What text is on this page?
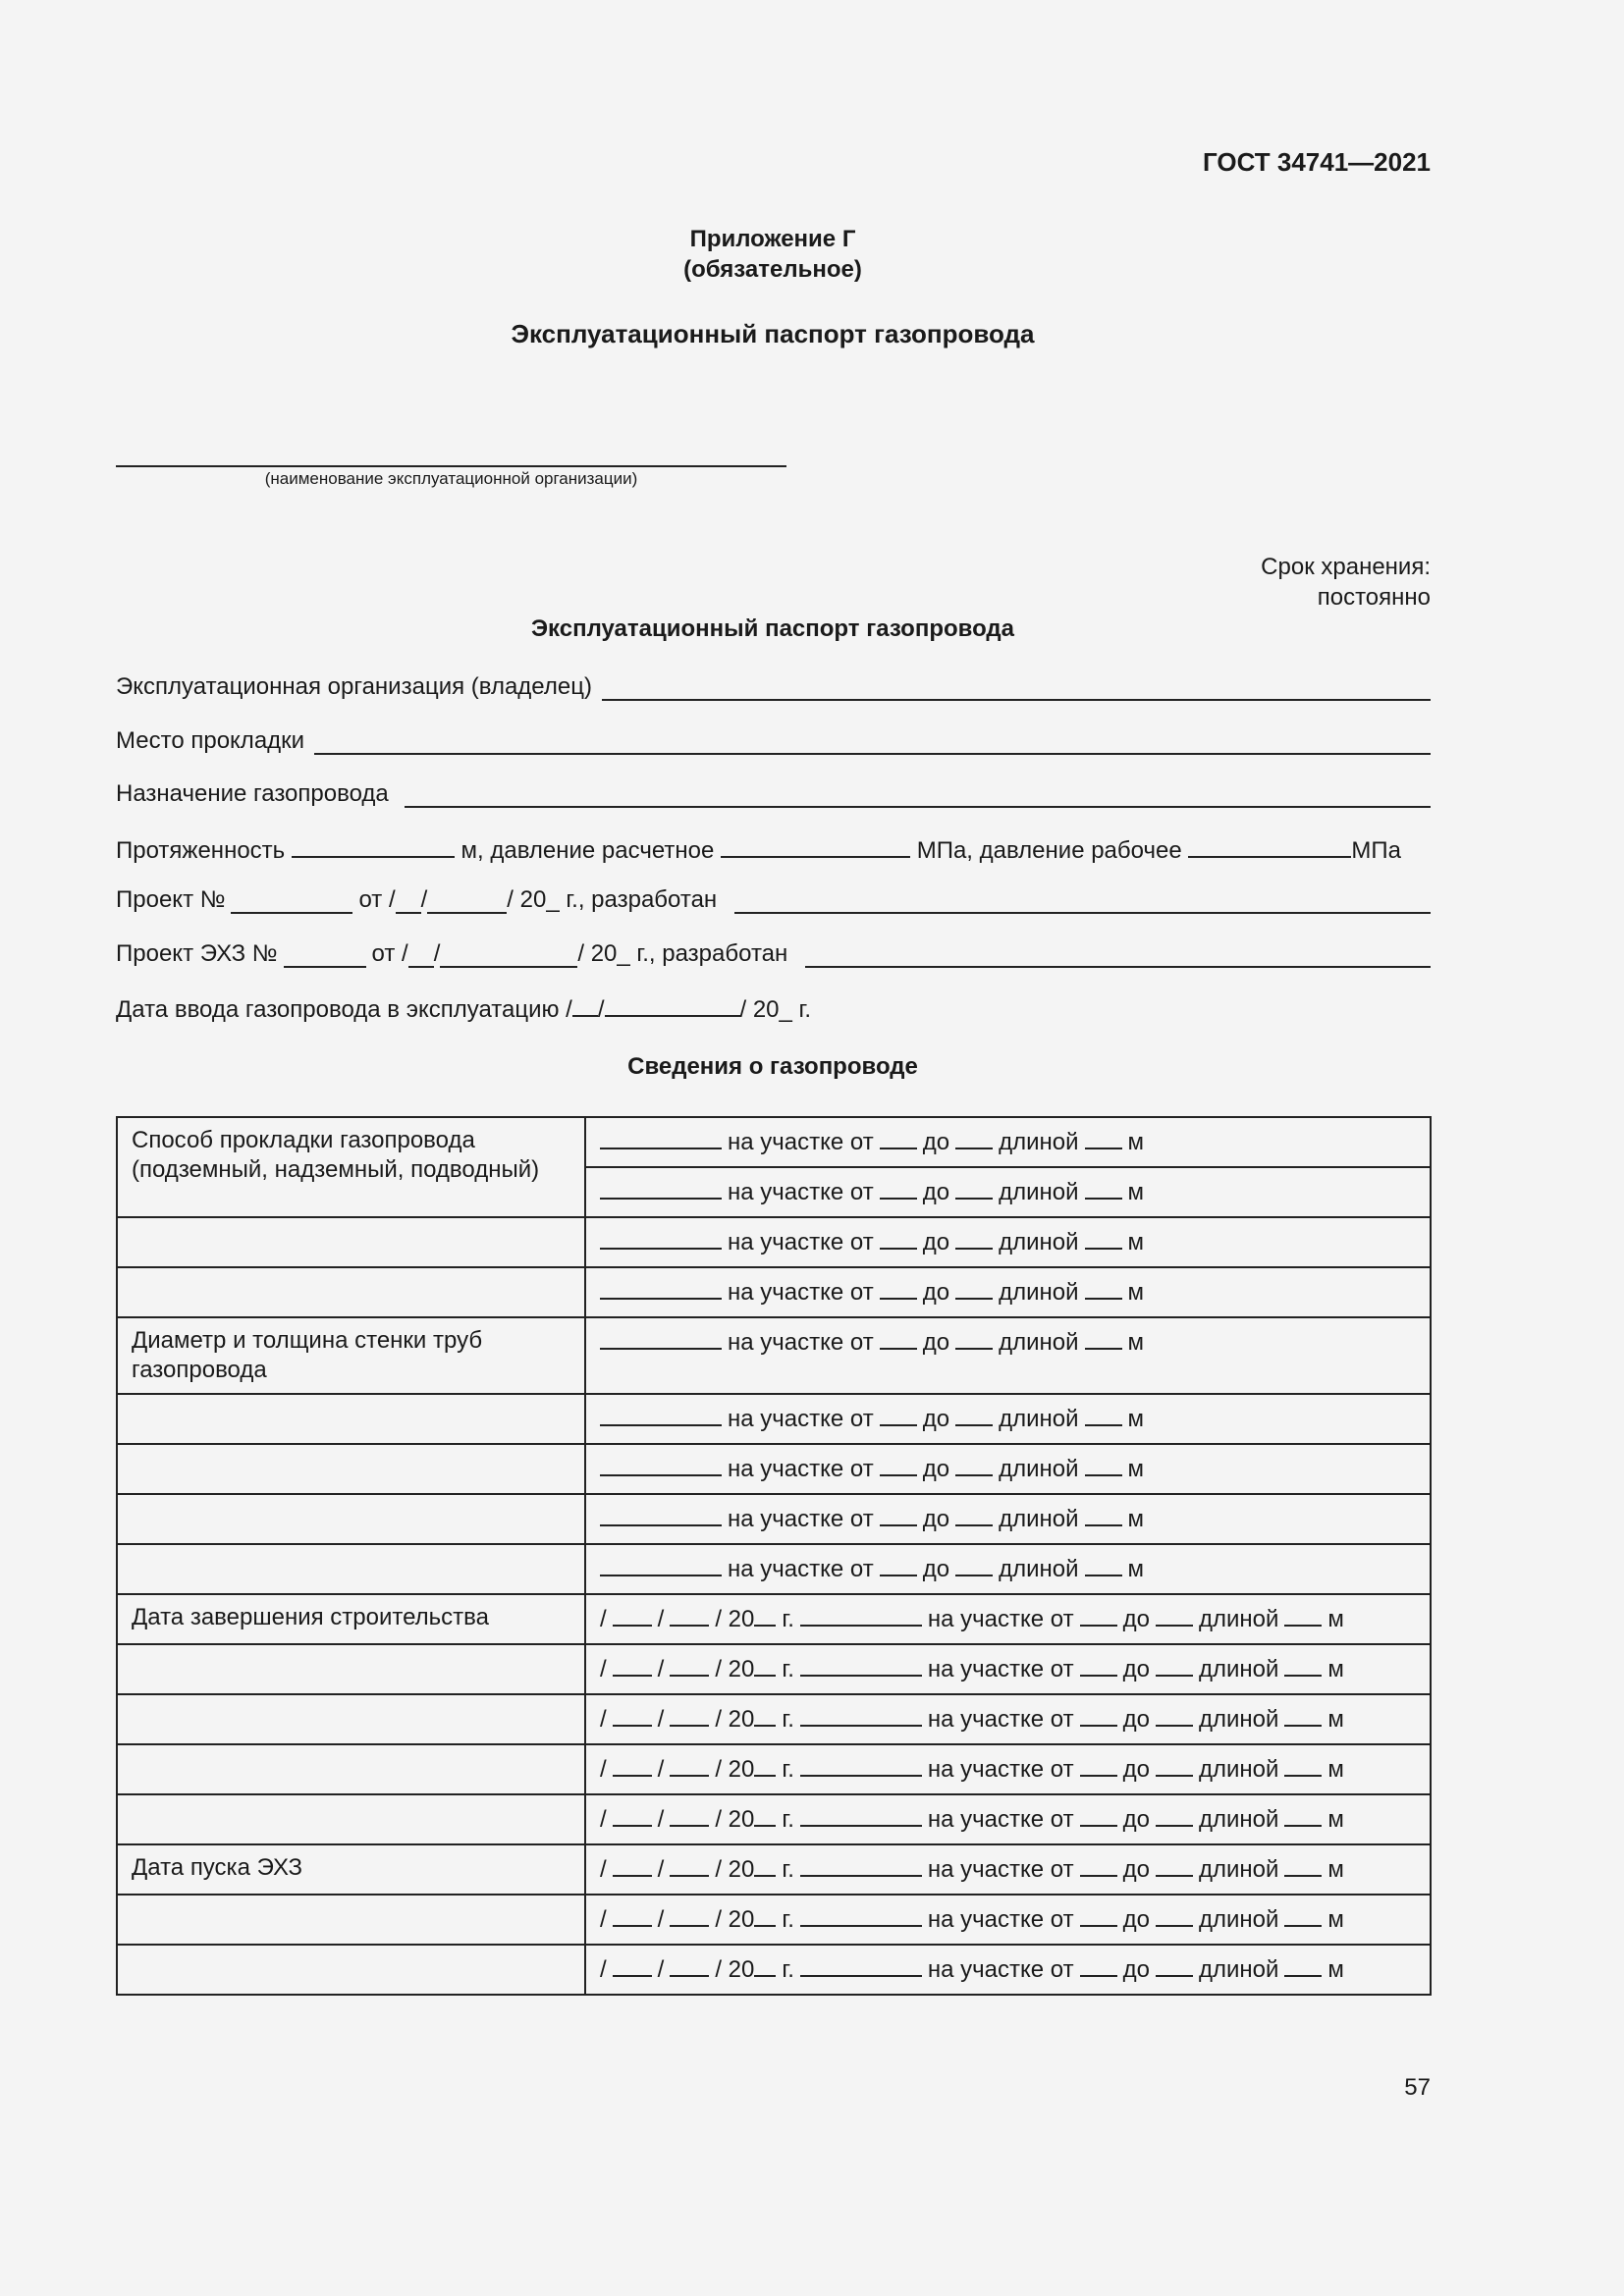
ГОСТ 34741—2021
Приложение Г
(обязательное)
Эксплуатационный паспорт газопровода
(наименование эксплуатационной организации)
Срок хранения:
постоянно
Эксплуатационный паспорт газопровода
Эксплуатационная организация (владелец)
Место прокладки
Назначение газопровода
Протяженность	м, давление расчетное	МПа, давление рабочее	МПа
Проект №	от / /	/ 20_ г., разработан
Проект ЭХЗ №	от / /	/ 20_ г., разработан
Дата ввода газопровода в эксплуатацию / /	/ 20_ г.
Сведения о газопроводе
Способ прокладки газопровода (подземный, надземный, подводный)	на участке от до длиной м
	на участке от до длиной м
	на участке от до длиной м
	на участке от до длиной м
Диаметр и толщина стенки труб газопровода	на участке от до длиной м
	на участке от до длиной м
	на участке от до длиной м
	на участке от до длиной м
	на участке от до длиной м
Дата завершения строительства	/ / / 20 г. на участке от до длиной м
	/ / / 20 г. на участке от до длиной м
	/ / / 20 г. на участке от до длиной м
	/ / / 20 г. на участке от до длиной м
	/ / / 20 г. на участке от до длиной м
Дата пуска ЭХЗ	/ / / 20 г. на участке от до длиной м
	/ / / 20 г. на участке от до длиной м
	/ / / 20 г. на участке от до длиной м
57
